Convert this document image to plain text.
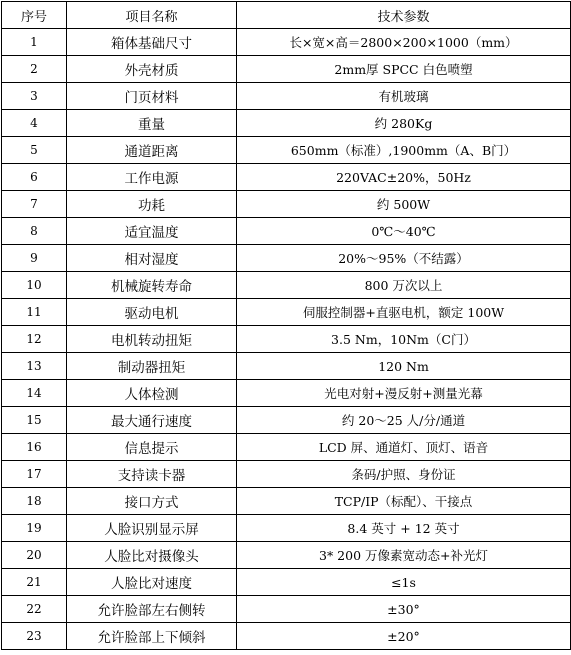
序号	项目名称	技术参数
1	箱体基础尺寸	长×宽×高＝2800×200×1000（mm）
2	外壳材质	2mm厚 SPCC 白色喷塑
3	门页材料	有机玻璃
4	重量	约 280Kg
5	通道距离	650mm（标准）,1900mm（A、B门）
6	工作电源	220VAC±20%，50Hz
7	功耗	约 500W
8	适宜温度	0℃～40℃
9	相对湿度	20%～95%（不结露）
10	机械旋转寿命	800 万次以上
11	驱动电机	伺服控制器+直驱电机，额定 100W
12	电机转动扭矩	3.5 Nm，10Nm（C门）
13	制动器扭矩	120 Nm
14	人体检测	光电对射+漫反射+测量光幕
15	最大通行速度	约 20～25 人/分/通道
16	信息提示	LCD 屏、通道灯、顶灯、语音
17	支持读卡器	条码/护照、身份证
18	接口方式	TCP/IP（标配）、干接点
19	人脸识别显示屏	8.4 英寸 + 12 英寸
20	人脸比对摄像头	3* 200 万像素宽动态+补光灯
21	人脸比对速度	≤1s
22	允许脸部左右侧转	±30°
23	允许脸部上下倾斜	±20°
